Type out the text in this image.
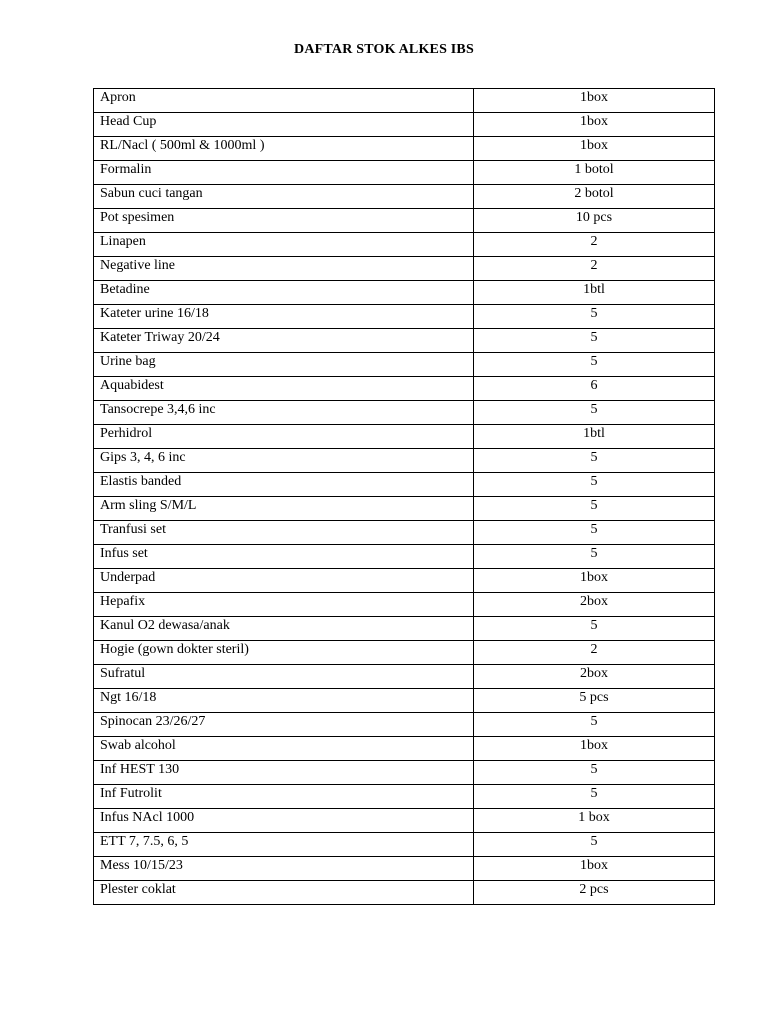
DAFTAR STOK ALKES IBS
Apron	1box
Head Cup	1box
RL/Nacl ( 500ml & 1000ml )	1box
Formalin	1 botol
Sabun cuci tangan	2 botol
Pot spesimen	10 pcs
Linapen	2
Negative line	2
Betadine	1btl
Kateter urine 16/18	5
Kateter Triway 20/24	5
Urine bag	5
Aquabidest	6
Tansocrepe 3,4,6 inc	5
Perhidrol	1btl
Gips 3, 4, 6 inc	5
Elastis banded	5
Arm sling S/M/L	5
Tranfusi set	5
Infus set	5
Underpad	1box
Hepafix	2box
Kanul O2 dewasa/anak	5
Hogie (gown dokter steril)	2
Sufratul	2box
Ngt 16/18	5 pcs
Spinocan 23/26/27	5
Swab alcohol	1box
Inf HEST 130	5
Inf Futrolit	5
Infus NAcl 1000	1 box
ETT 7, 7.5, 6, 5	5
Mess 10/15/23	1box
Plester coklat	2 pcs
